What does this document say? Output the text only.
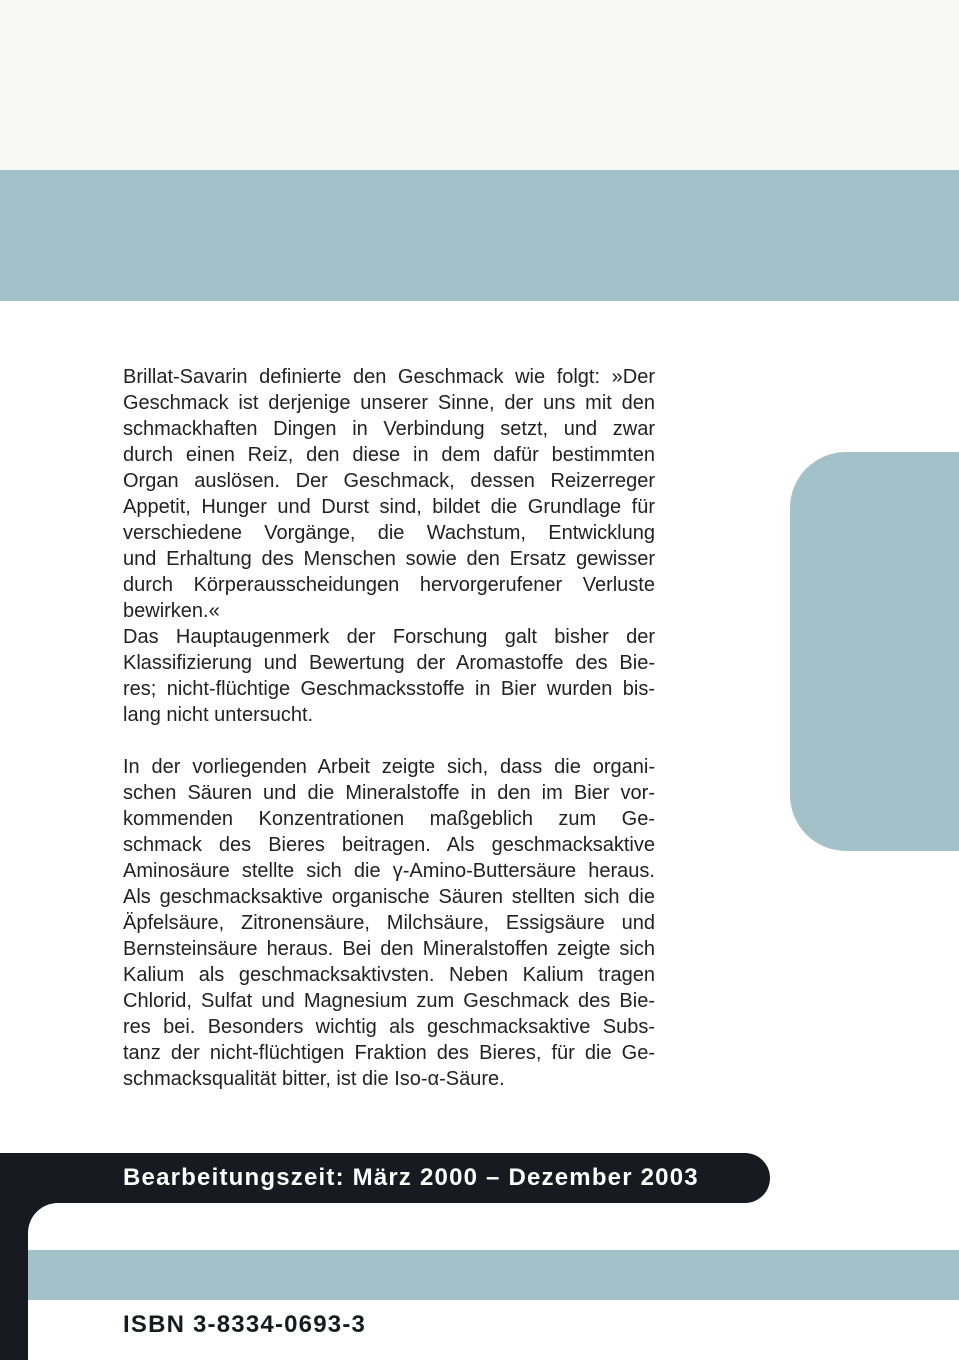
Brillat-Savarin definierte den Geschmack wie folgt: »Der
Geschmack ist derjenige unserer Sinne, der uns mit den
schmackhaften Dingen in Verbindung setzt, und zwar
durch einen Reiz, den diese in dem dafür bestimmten
Organ auslösen. Der Geschmack, dessen Reizerreger
Appetit, Hunger und Durst sind, bildet die Grundlage für
verschiedene Vorgänge, die Wachstum, Entwicklung
und Erhaltung des Menschen sowie den Ersatz gewisser
durch Körperausscheidungen hervorgerufener Verluste
bewirken.«
Das Hauptaugenmerk der Forschung galt bisher der
Klassifizierung und Bewertung der Aromastoffe des Bie-
res; nicht-flüchtige Geschmacksstoffe in Bier wurden bis-
lang nicht untersucht.
In der vorliegenden Arbeit zeigte sich, dass die organi-
schen Säuren und die Mineralstoffe in den im Bier vor-
kommenden Konzentrationen maßgeblich zum Ge-
schmack des Bieres beitragen. Als geschmacksaktive
Aminosäure stellte sich die γ-Amino-Buttersäure heraus.
Als geschmacksaktive organische Säuren stellten sich die
Äpfelsäure, Zitronensäure, Milchsäure, Essigsäure und
Bernsteinsäure heraus. Bei den Mineralstoffen zeigte sich
Kalium als geschmacksaktivsten. Neben Kalium tragen
Chlorid, Sulfat und Magnesium zum Geschmack des Bie-
res bei. Besonders wichtig als geschmacksaktive Subs-
tanz der nicht-flüchtigen Fraktion des Bieres, für die Ge-
schmacksqualität bitter, ist die Iso-α-Säure.
Bearbeitungszeit: März 2000 – Dezember 2003
ISBN 3-8334-0693-3
